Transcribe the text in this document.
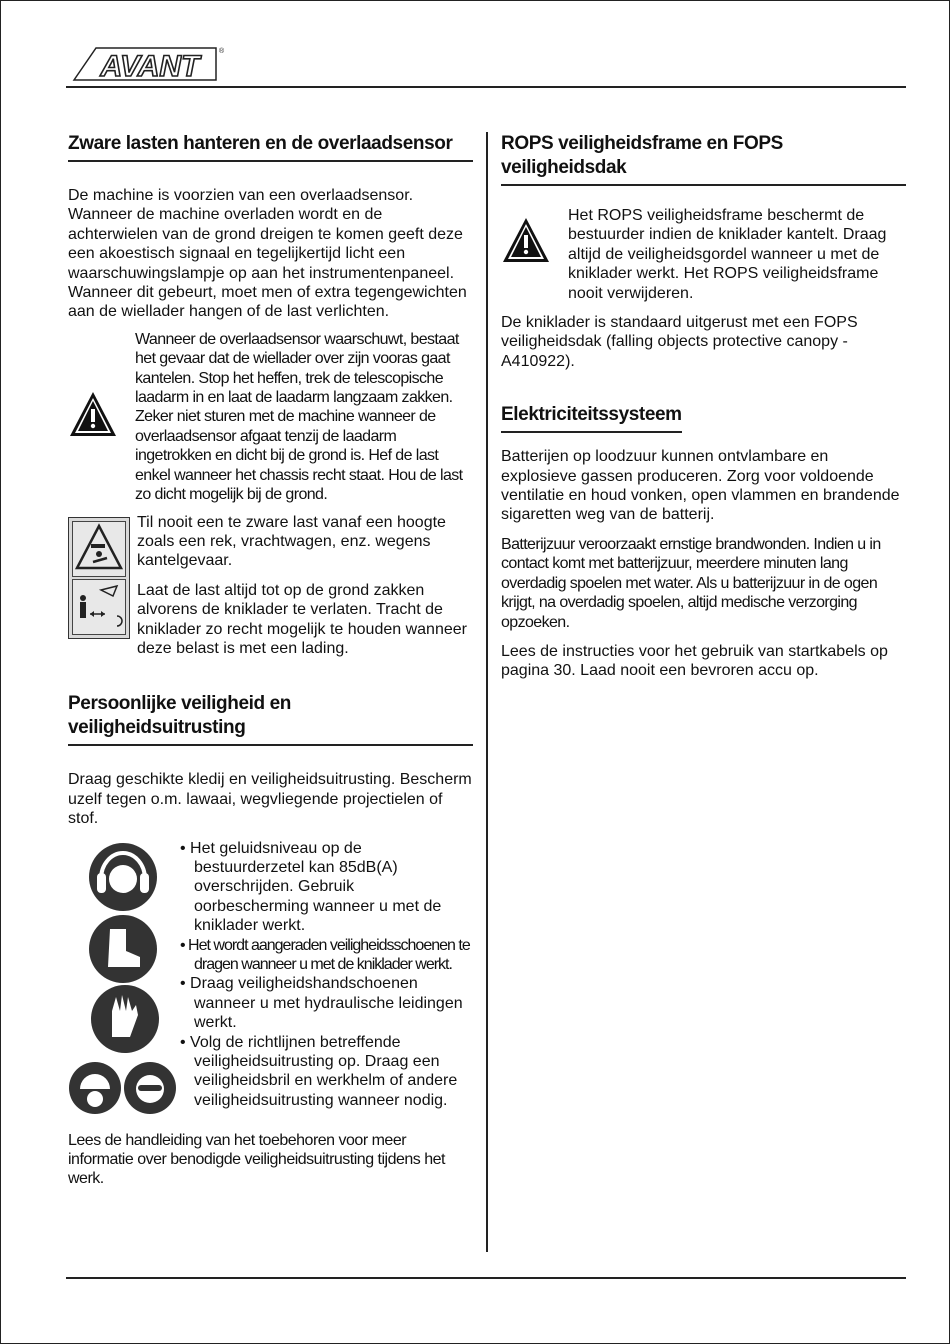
AVANT	®
Zware lasten hanteren en de overlaadsensor

De machine is voorzien van een overlaadsensor. Wanneer de machine overladen wordt en de achterwielen van de grond dreigen te komen geeft deze een akoestisch signaal en tegelijkertijd licht een waarschuwingslampje op aan het instrumentenpaneel. Wanneer dit gebeurt, moet men of extra tegengewichten aan de wiellader hangen of de last verlichten.

Wanneer de overlaadsensor waarschuwt, bestaat het gevaar dat de wiellader over zijn vooras gaat kantelen. Stop het heffen, trek de telescopische laadarm in en laat de laadarm langzaam zakken. Zeker niet sturen met de machine wanneer de overlaadsensor afgaat tenzij de laadarm ingetrokken en dicht bij de grond is. Hef de last enkel wanneer het chassis recht staat. Hou de last zo dicht mogelijk bij de grond.

Til nooit een te zware last vanaf een hoogte zoals een rek, vrachtwagen, enz. wegens kantelgevaar.

Laat de last altijd tot op de grond zakken alvorens de kniklader te verlaten. Tracht de kniklader zo recht mogelijk te houden wanneer deze belast is met een lading.

Persoonlijke veiligheid en veiligheidsuitrusting

Draag geschikte kledij en veiligheidsuitrusting. Bescherm uzelf tegen o.m. lawaai, wegvliegende projectielen of stof.

• Het geluidsniveau op de bestuurderzetel kan 85dB(A) overschrijden. Gebruik oorbescherming wanneer u met de kniklader werkt.

• Het wordt aangeraden veiligheidsschoenen te dragen wanneer u met de kniklader werkt.

• Draag veiligheidshandschoenen wanneer u met hydraulische leidingen werkt.

• Volg de richtlijnen betreffende veiligheidsuitrusting op. Draag een veiligheidsbril en werkhelm of andere veiligheidsuitrusting wanneer nodig.

Lees de handleiding van het toebehoren voor meer informatie over benodigde veiligheidsuitrusting tijdens het werk.

ROPS veiligheidsframe en FOPS veiligheidsdak

Het ROPS veiligheidsframe beschermt de bestuurder indien de kniklader kantelt. Draag altijd de veiligheidsgordel wanneer u met de kniklader werkt. Het ROPS veiligheidsframe nooit verwijderen.

De kniklader is standaard uitgerust met een FOPS veiligheidsdak (falling objects protective canopy - A410922).

Elektriciteitssysteem

Batterijen op loodzuur kunnen ontvlambare en explosieve gassen produceren. Zorg voor voldoende ventilatie en houd vonken, open vlammen en brandende sigaretten weg van de batterij.

Batterijzuur veroorzaakt ernstige brandwonden. Indien u in contact komt met batterijzuur, meerdere minuten lang overdadig spoelen met water. Als u batterijzuur in de ogen krijgt, na overdadig spoelen, altijd medische verzorging opzoeken.

Lees de instructies voor het gebruik van startkabels op pagina 30. Laad nooit een bevroren accu op.
